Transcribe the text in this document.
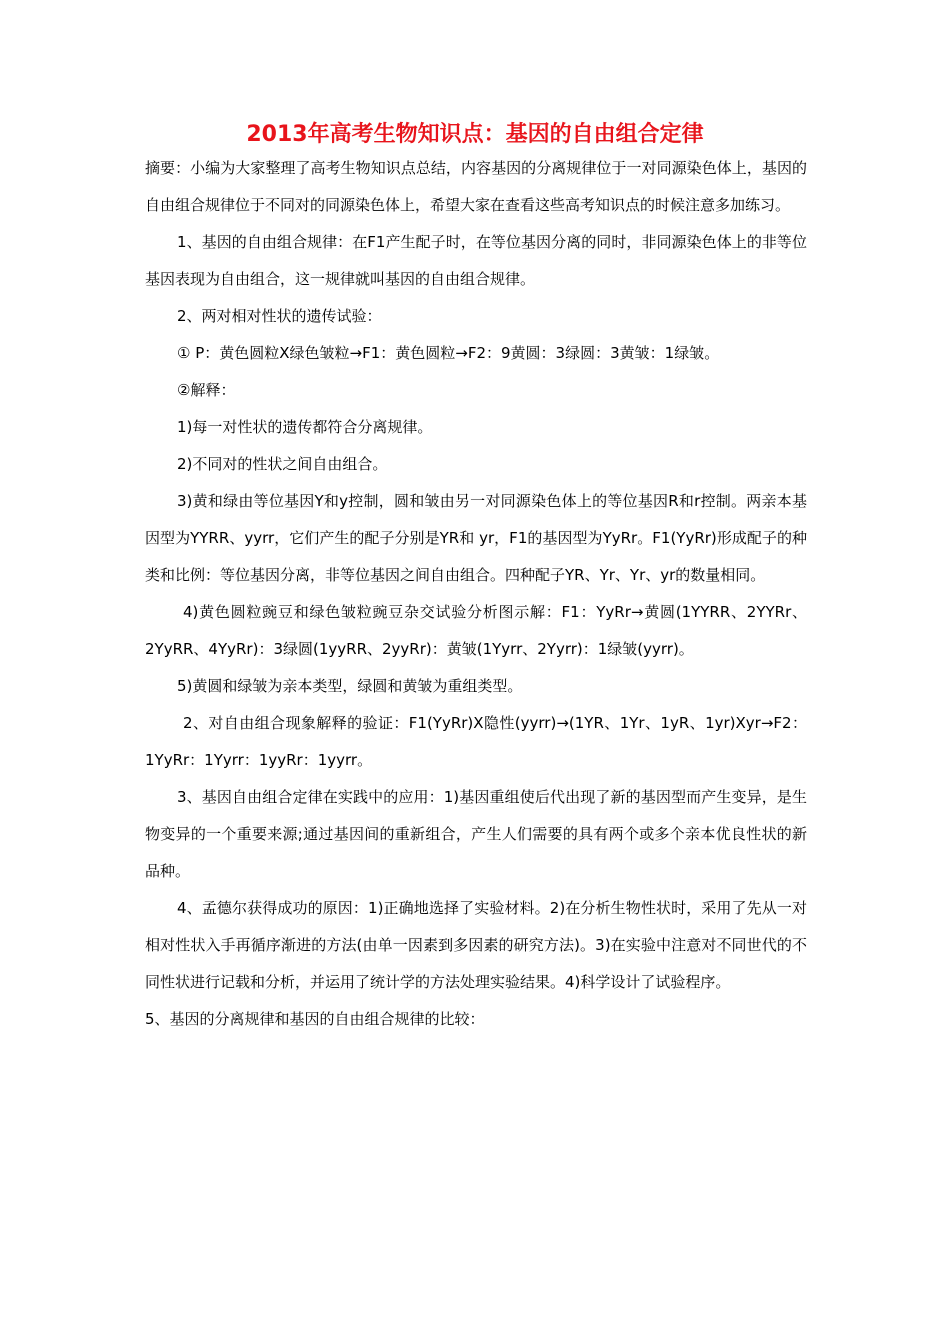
2013年高考生物知识点：基因的自由组合定律

摘要：小编为大家整理了高考生物知识点总结，内容基因的分离规律位于一对同源染色体上，基因的自由组合规律位于不同对的同源染色体上，希望大家在查看这些高考知识点的时候注意多加练习。

1、基因的自由组合规律：在F1产生配子时，在等位基因分离的同时，非同源染色体上的非等位基因表现为自由组合，这一规律就叫基因的自由组合规律。

2、两对相对性状的遗传试验：

① P：黄色圆粒X绿色皱粒→F1：黄色圆粒→F2：9黄圆：3绿圆：3黄皱：1绿皱。

②解释：

1)每一对性状的遗传都符合分离规律。

2)不同对的性状之间自由组合。

3)黄和绿由等位基因Y和y控制，圆和皱由另一对同源染色体上的等位基因R和r控制。两亲本基因型为YYRR、yyrr，它们产生的配子分别是YR和 yr，F1的基因型为YyRr。F1(YyRr)形成配子的种类和比例：等位基因分离，非等位基因之间自由组合。四种配子YR、Yr、Yr、yr的数量相同。

4)黄色圆粒豌豆和绿色皱粒豌豆杂交试验分析图示解：F1：YyRr→黄圆(1YYRR、2YYRr、2YyRR、4YyRr)：3绿圆(1yyRR、2yyRr)：黄皱(1Yyrr、2Yyrr)：1绿皱(yyrr)。

5)黄圆和绿皱为亲本类型，绿圆和黄皱为重组类型。

2、对自由组合现象解释的验证：F1(YyRr)X隐性(yyrr)→(1YR、1Yr、1yR、1yr)Xyr→F2：1YyRr：1Yyrr：1yyRr：1yyrr。

3、基因自由组合定律在实践中的应用：1)基因重组使后代出现了新的基因型而产生变异，是生物变异的一个重要来源;通过基因间的重新组合，产生人们需要的具有两个或多个亲本优良性状的新品种。

4、孟德尔获得成功的原因：1)正确地选择了实验材料。2)在分析生物性状时，采用了先从一对相对性状入手再循序渐进的方法(由单一因素到多因素的研究方法)。3)在实验中注意对不同世代的不同性状进行记载和分析，并运用了统计学的方法处理实验结果。4)科学设计了试验程序。

5、基因的分离规律和基因的自由组合规律的比较：
